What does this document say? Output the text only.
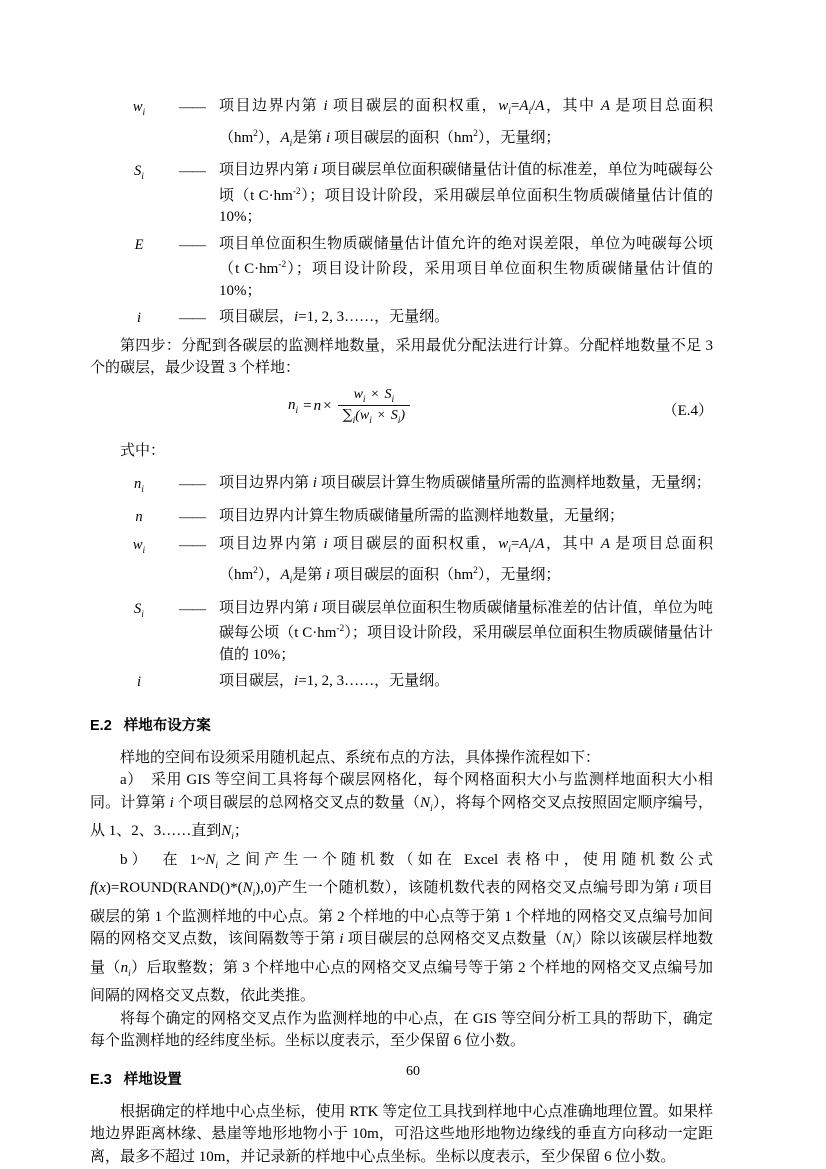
$w_i$	—— 项目边界内第 i 项目碳层的面积权重，$w_i=A_i/A$，其中 A 是项目总面积$(hm^2)$，$A_i$是第 i 项目碳层的面积$(hm^2)$，无量纲；
$S_i$	—— 项目边界内第 i 项目碳层单位面积碳储量估计值的标准差，单位为吨碳每公顷（t $C\cdot hm^{-2}$）；项目设计阶段，采用碳层单位面积生物质碳储量估计值的 10%；
E	—— 项目单位面积生物质碳储量估计值允许的绝对误差限，单位为吨碳每公顷（t $C\cdot hm^{-2}$）；项目设计阶段，采用项目单位面积生物质碳储量估计值的 10%；
i	—— 项目碳层，i=1, 2, 3……，无量纲。

第四步：分配到各碳层的监测样地数量，采用最优分配法进行计算。分配样地数量不足 3 个的碳层，最少设置 3 个样地：

$n_i = n \times \frac{w_i \times S_i}{\sum_i(w_i \times S_i)}$	（E.4）

式中：

$n_i$	—— 项目边界内第 i 项目碳层计算生物质碳储量所需的监测样地数量，无量纲；
n	—— 项目边界内计算生物质碳储量所需的监测样地数量，无量纲；
$w_i$	—— 项目边界内第 i 项目碳层的面积权重，$w_i=A_i/A$，其中 A 是项目总面积$(hm^2)$，$A_i$是第 i 项目碳层的面积$(hm^2)$，无量纲；
$S_i$	—— 项目边界内第 i 项目碳层单位面积生物质碳储量标准差的估计值，单位为吨碳每公顷（t $C\cdot hm^{-2}$）；项目设计阶段，采用碳层单位面积生物质碳储量估计值的 10%；
i	项目碳层，i=1, 2, 3……，无量纲。

E.2 样地布设方案

样地的空间布设须采用随机起点、系统布点的方法，具体操作流程如下：

a）　采用 GIS 等空间工具将每个碳层网格化，每个网格面积大小与监测样地面积大小相同。计算第 i 个项目碳层的总网格交叉点的数量$(N_i)$，将每个网格交叉点按照固定顺序编号，从 1、2、3……直到$N_i$；

b）　在 $1\sim N_i$ 之间产生一个随机数（如在 Excel 表格中，使用随机数公式 $f(x)=ROUND(RAND()*(N_i),0)$产生一个随机数），该随机数代表的网格交叉点编号即为第 i 项目碳层的第 1 个监测样地的中心点。第 2 个样地的中心点等于第 1 个样地的网格交叉点编号加间隔的网格交叉点数，该间隔数等于第 i 项目碳层的总网格交叉点数量$(N_i)$除以该碳层样地数量$(n_i)$后取整数；第 3 个样地中心点的网格交叉点编号等于第 2 个样地的网格交叉点编号加间隔的网格交叉点数，依此类推。

将每个确定的网格交叉点作为监测样地的中心点，在 GIS 等空间分析工具的帮助下，确定每个监测样地的经纬度坐标。坐标以度表示，至少保留 6 位小数。

E.3 样地设置

根据确定的样地中心点坐标，使用 RTK 等定位工具找到样地中心点准确地理位置。如果样地边界距离林缘、悬崖等地形地物小于 10m，可沿这些地形地物边缘线的垂直方向移动一定距离，最多不超过 10m，并记录新的样地中心点坐标。坐标以度表示，至少保留 6 位小数。

60
